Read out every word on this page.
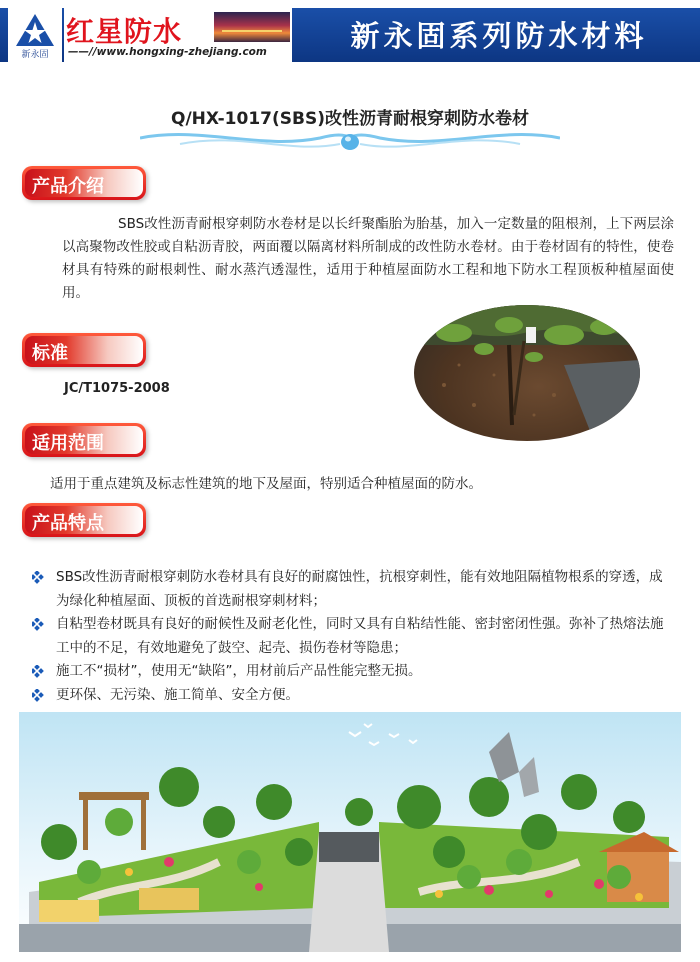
新永固
红星防水
——//www.hongxing-zhejiang.com	新永固系列防水材料
Q/HX-1017(SBS)改性沥青耐根穿刺防水卷材
产品介绍
SBS改性沥青耐根穿刺防水卷材是以长纤聚酯胎为胎基，加入一定数量的阻根剂，上下两层涂以高聚物改性胶或自粘沥青胶，两面覆以隔离材料所制成的改性防水卷材。由于卷材固有的特性，使卷材具有特殊的耐根刺性、耐水蒸汽透湿性，适用于种植屋面防水工程和地下防水工程顶板种植屋面使用。
标准
JC/T1075-2008
适用范围
适用于重点建筑及标志性建筑的地下及屋面，特别适合种植屋面的防水。
产品特点
SBS改性沥青耐根穿刺防水卷材具有良好的耐腐蚀性，抗根穿刺性，能有效地阻隔植物根系的穿透，成为绿化种植屋面、顶板的首选耐根穿刺材料；
自粘型卷材既具有良好的耐候性及耐老化性，同时又具有自粘结性能、密封密闭性强。弥补了热熔法施工中的不足，有效地避免了鼓空、起壳、损伤卷材等隐患；
施工不“损材”，使用无“缺陷”，用材前后产品性能完整无损。
更环保、无污染、施工简单、安全方便。
